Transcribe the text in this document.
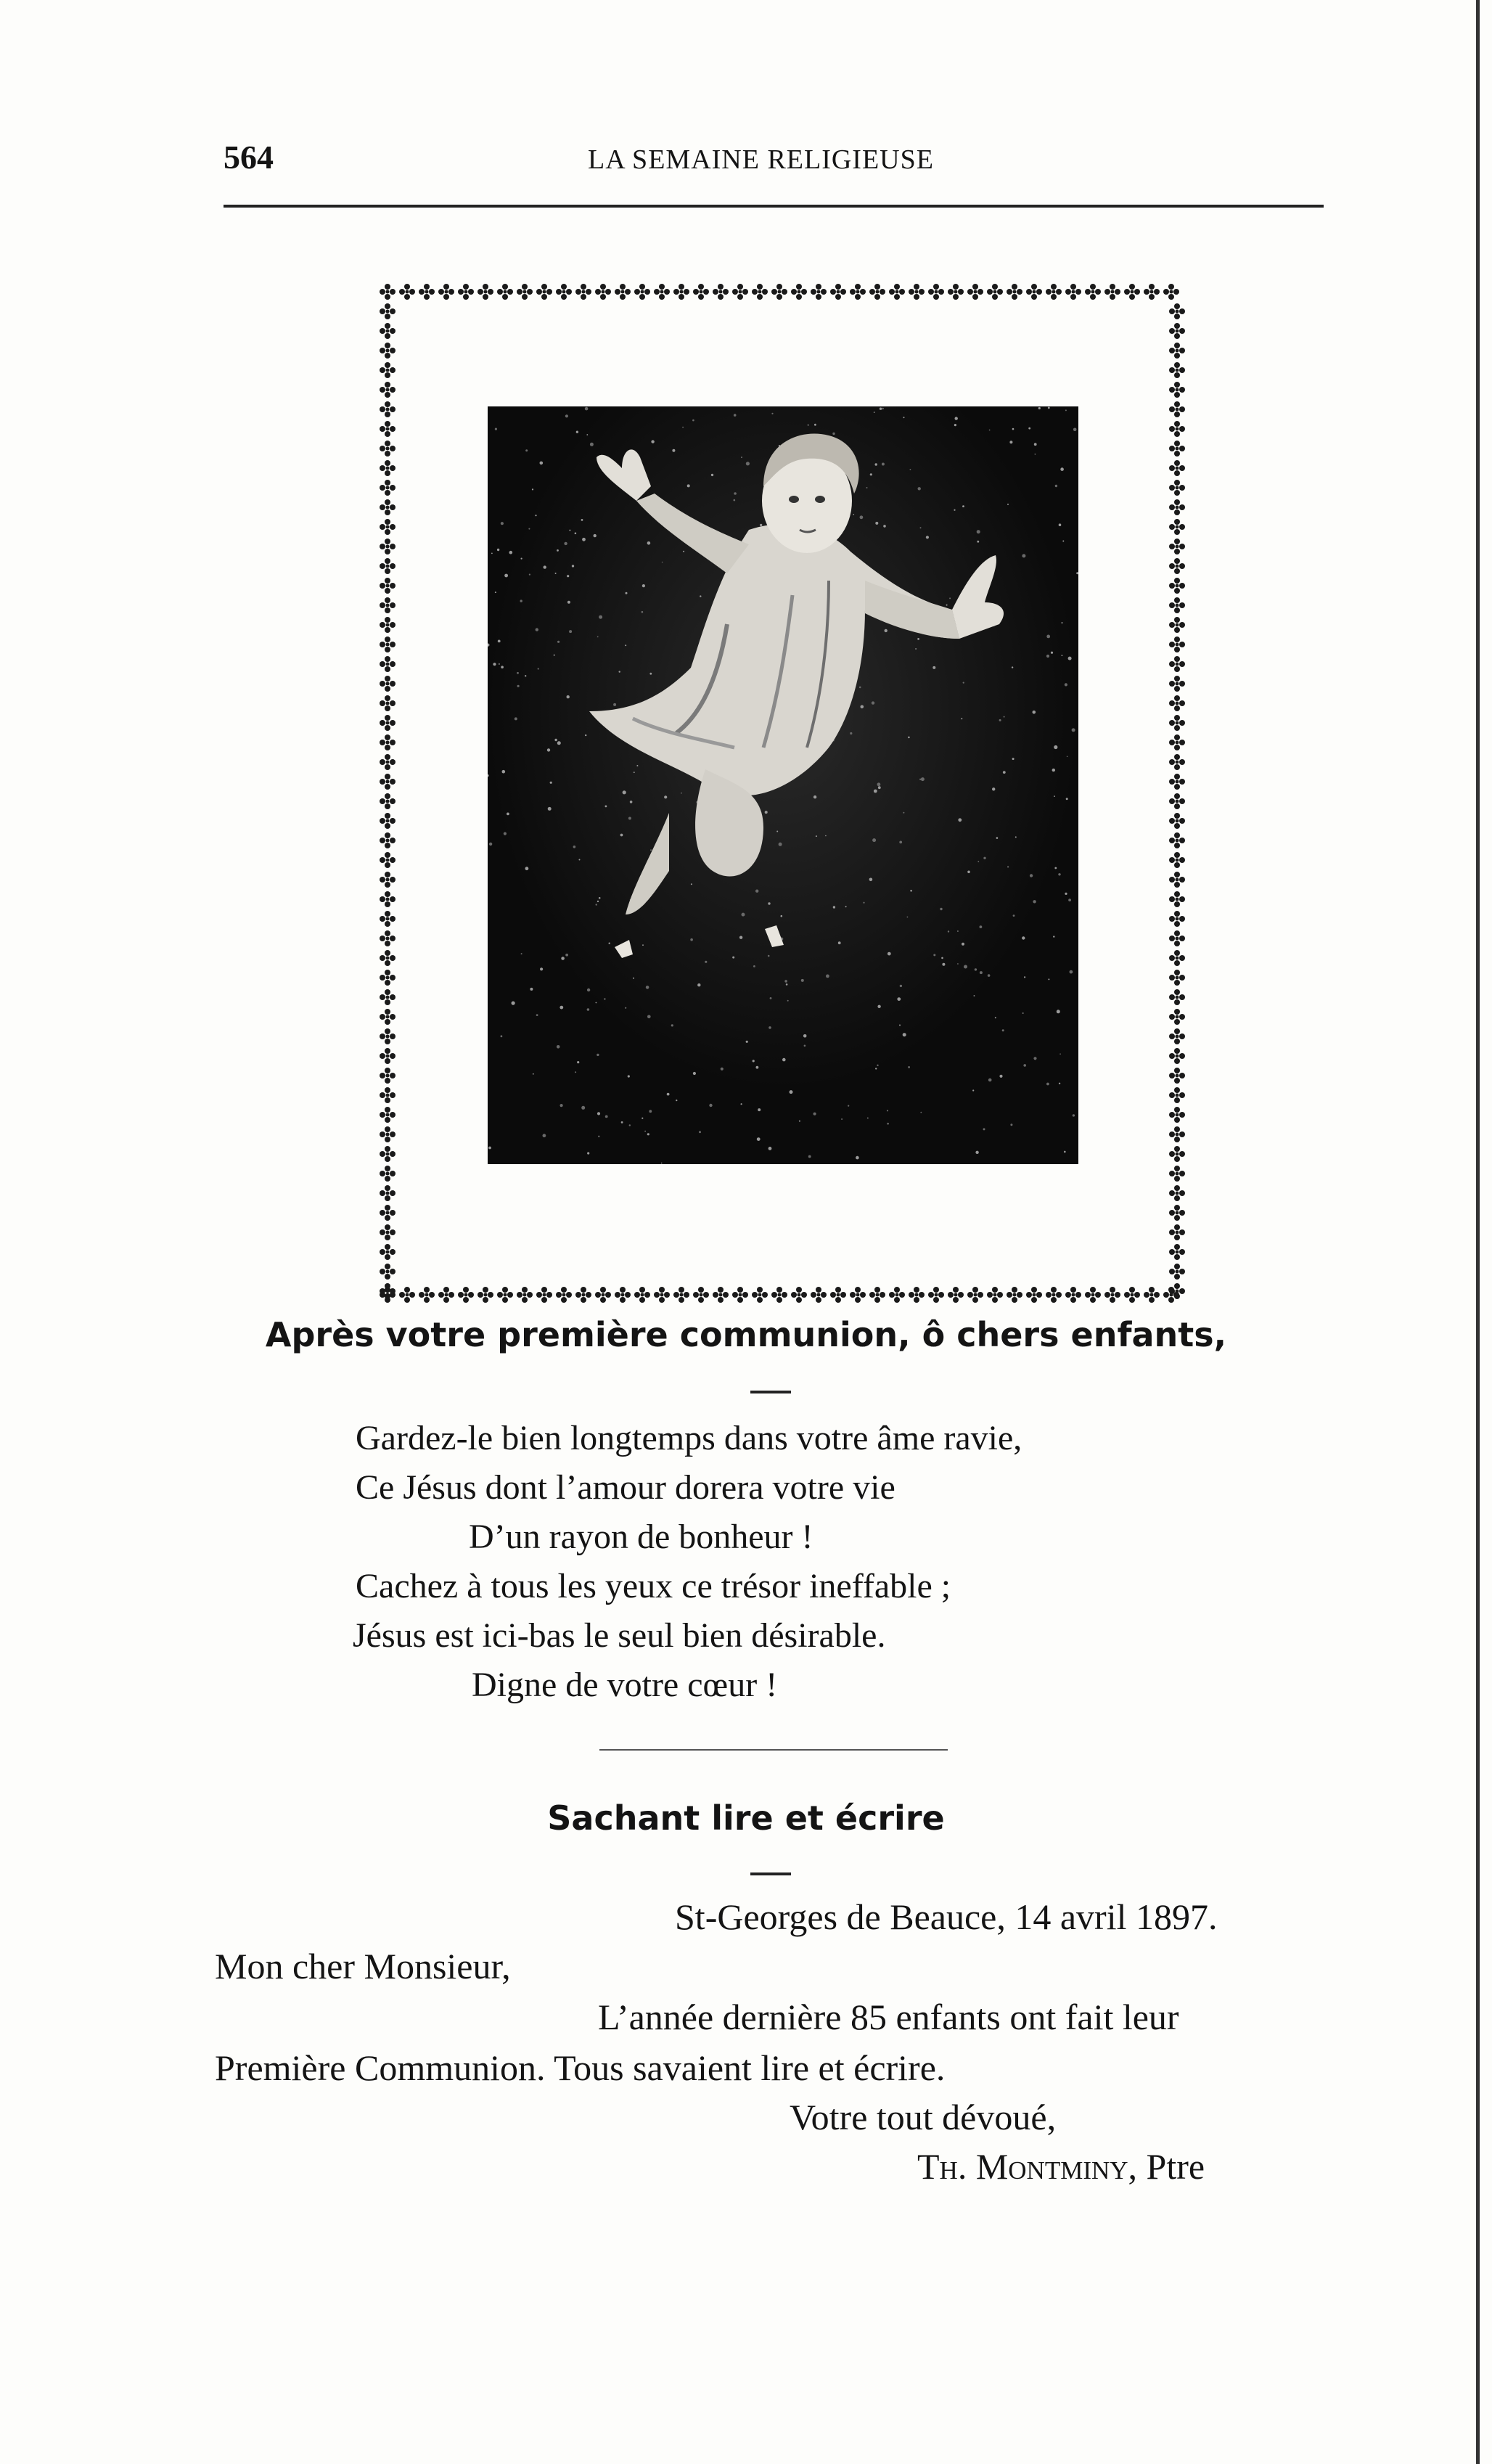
564	LA SEMAINE RELIGIEUSE
Après votre première communion, ô chers enfants,
Gardez-le bien longtemps dans votre âme ravie,
Ce Jésus dont l’amour dorera votre vie
D’un rayon de bonheur !
Cachez à tous les yeux ce trésor ineffable ;
Jésus est ici-bas le seul bien désirable.
Digne de votre cœur !
Sachant lire et écrire
St-Georges de Beauce, 14 avril 1897.
Mon cher Monsieur,
L’année dernière 85 enfants ont fait leur
Première Communion. Tous savaient lire et écrire.
Votre tout dévoué,
Th. Montminy, Ptre
